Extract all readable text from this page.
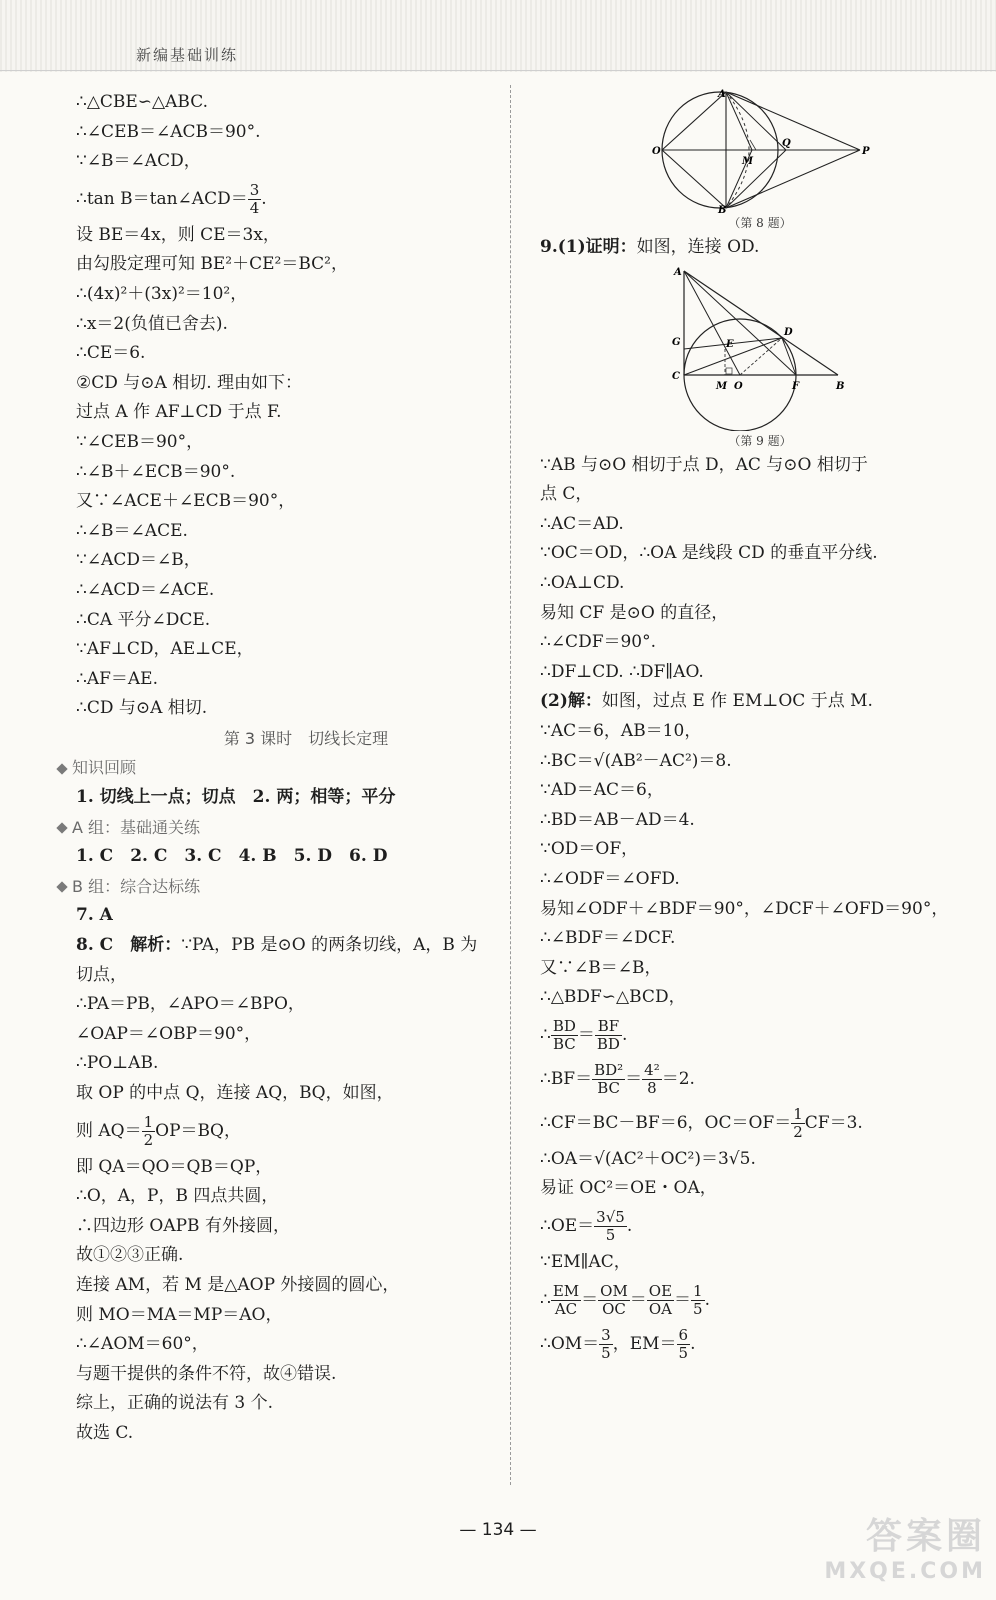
新编基础训练
∴△CBE∽△ABC.
∴∠CEB＝∠ACB＝90°.
∵∠B＝∠ACD，
∴tan B＝tan∠ACD＝ $\frac{3}{4}$ .
设 BE＝4x，则 CE＝3x，
由勾股定理可知 BE²＋CE²＝BC²，
∴(4x)²＋(3x)²＝10²，
∴x＝2(负值已舍去).
∴CE＝6.
②CD 与⊙A 相切. 理由如下：
过点 A 作 AF⊥CD 于点 F.
∵∠CEB＝90°，
∴∠B＋∠ECB＝90°.
又∵∠ACE＋∠ECB＝90°，
∴∠B＝∠ACE.
∵∠ACD＝∠B，
∴∠ACD＝∠ACE.
∴CA 平分∠DCE.
∵AF⊥CD，AE⊥CE，
∴AF＝AE.
∴CD 与⊙A 相切.
第 3 课时　切线长定理
知识回顾
1. 切线上一点；切点　2. 两；相等；平分
A 组：基础通关练
1. C　2. C　3. C　4. B　5. D　6. D
B 组：综合达标练
7. A
8. C　解析：∵PA，PB 是⊙O 的两条切线，A，B 为
切点，
∴PA＝PB，∠APO＝∠BPO，
∠OAP＝∠OBP＝90°，
∴PO⊥AB.
取 OP 的中点 Q，连接 AQ，BQ，如图，
则 $AQ= \frac{1}{2} OP=BQ$，
即 QA＝QO＝QB＝QP，
∴O，A，P，B 四点共圆，
∴四边形 OAPB 有外接圆，
故①②③正确.
连接 AM，若 M 是△AOP 外接圆的圆心，
则 MO＝MA＝MP＝AO，
∴∠AOM＝60°，
与题干提供的条件不符，故④错误.
综上，正确的说法有 3 个.
故选 C.
A
O
M
Q
P
B
（第 8 题）
9.(1)证明：如图，连接 OD.
A
G
C
E
D
M O	F	B
（第 9 题）
∵AB 与⊙O 相切于点 D，AC 与⊙O 相切于
点 C，
∴AC＝AD.
∵OC＝OD，∴OA 是线段 CD 的垂直平分线.
∴OA⊥CD.
易知 CF 是⊙O 的直径，
∴∠CDF＝90°.
∴DF⊥CD. ∴DF∥AO.
(2)解：如图，过点 E 作 EM⊥OC 于点 M.
∵AC＝6，AB＝10，
∴BC＝√(AB²－AC²)＝8.
∵AD＝AC＝6，
∴BD＝AB－AD＝4.
∵OD＝OF，
∴∠ODF＝∠OFD.
易知∠ODF＋∠BDF＝90°，∠DCF＋∠OFD＝90°，
∴∠BDF＝∠DCF.
又∵∠B＝∠B，
∴△BDF∽△BCD，
∴ $\frac{BD}{BC} = \frac{BF}{BD}$ .
∴BF＝ $\frac{\text{BD²}}{BC} = \frac{\text{4²}}{8} =2$.
∴CF＝BC－BF＝6，$OC=OF= \frac{1}{2} CF=3$.
∴OA＝√(AC²＋OC²)＝3√5.
易证 OC²＝OE・OA，
∴OE＝ $\frac{3√5}{5}$ .
∵EM∥AC，
∴ $\frac{EM}{AC} = \frac{OM}{OC} = \frac{OE}{OA} = \frac{1}{5}$ .
∴OM＝ $\frac{3}{5}$ ，$EM= \frac{6}{5}$ .
— 134 —	答案圈
MXQE.COM
